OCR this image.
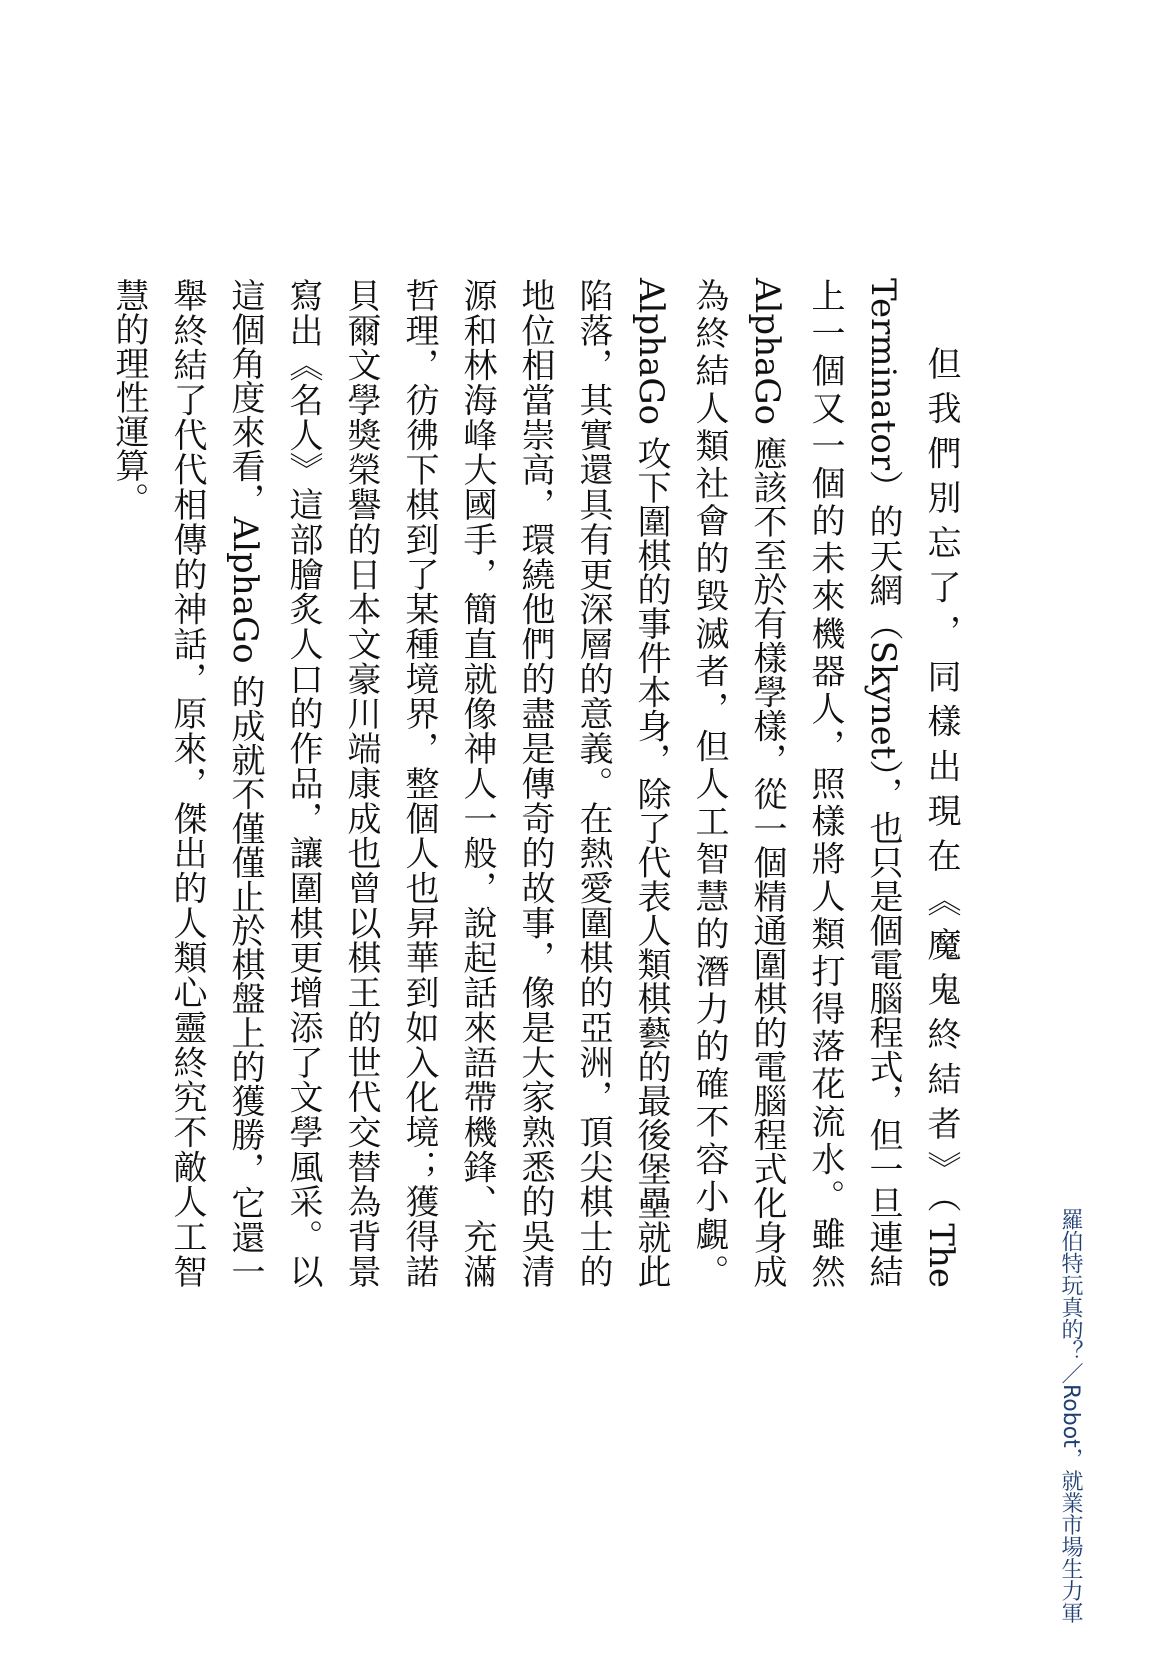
但我們別忘了，同樣出現在《魔鬼終結者》（The Terminator）的天網（Skynet），也只是個電腦程式，但一旦連結上一個又一個的未來機器人，照樣將人類打得落花流水。雖然 AlphaGo 應該不至於有樣學樣，從一個精通圍棋的電腦程式化身成為終結人類社會的毀滅者，但人工智慧的潛力的確不容小覷。AlphaGo 攻下圍棋的事件本身，除了代表人類棋藝的最後堡壘就此陷落，其實還具有更深層的意義。在熱愛圍棋的亞洲，頂尖棋士的地位相當崇高，環繞他們的盡是傳奇的故事，像是大家熟悉的吳清源和林海峰大國手，簡直就像神人一般，說起話來語帶機鋒、充滿哲理，彷彿下棋到了某種境界，整個人也昇華到如入化境；獲得諾貝爾文學獎榮譽的日本文豪川端康成也曾以棋王的世代交替為背景寫出《名人》這部膾炙人口的作品，讓圍棋更增添了文學風采。以這個角度來看，AlphaGo 的成就不僅僅止於棋盤上的獲勝，它還一舉終結了代代相傳的神話，原來，傑出的人類心靈終究不敵人工智慧的理性運算。

羅伯特玩真的？／Robot，就業市場生力軍
